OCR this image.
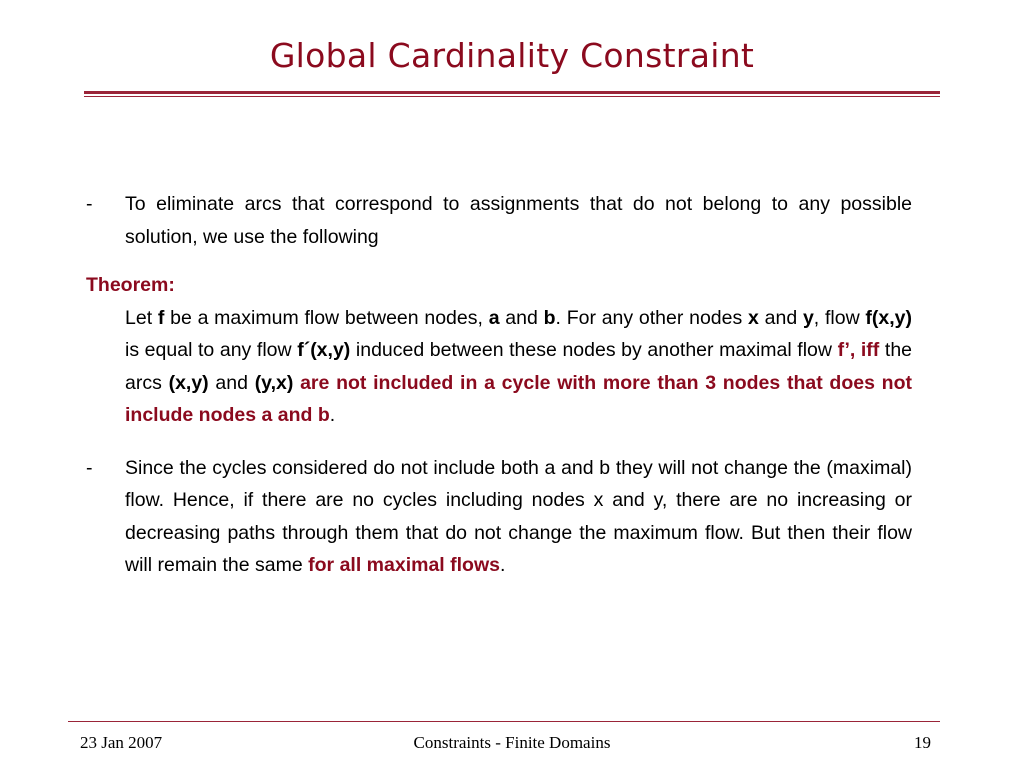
Global Cardinality Constraint
-	To eliminate arcs that correspond to assignments that do not belong to any possible solution, we use the following
Theorem:
Let f be a maximum flow between nodes, a and b. For any other nodes x and y, flow f(x,y) is equal to any flow f´(x,y) induced between these nodes by another maximal flow f’, iff the arcs (x,y) and (y,x) are not included in a cycle with more than 3 nodes that does not include nodes a and b.
-	Since the cycles considered do not include both a and b they will not change the (maximal) flow. Hence, if there are no cycles including nodes x and y, there are no increasing or decreasing paths through them that do not change the maximum flow. But then their flow will remain the same for all maximal flows.
23 Jan 2007	Constraints - Finite Domains	19
